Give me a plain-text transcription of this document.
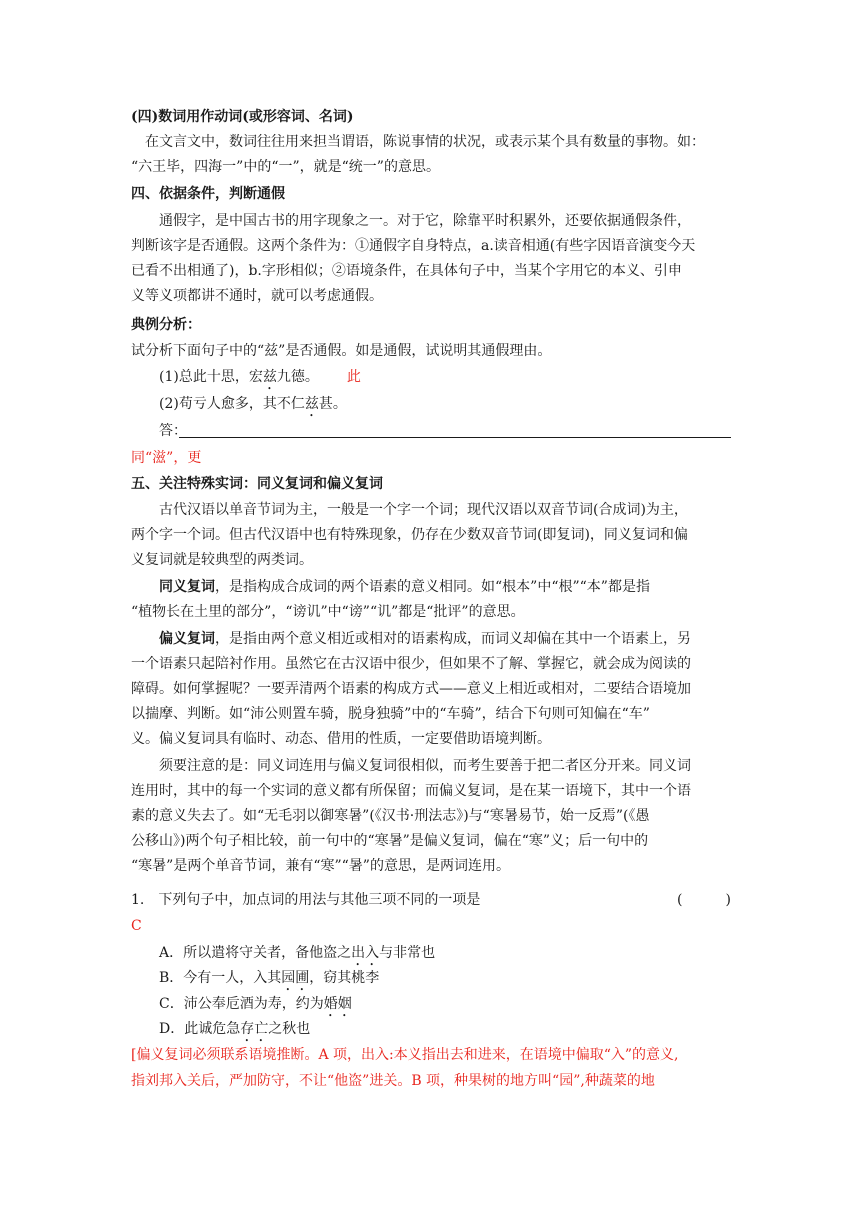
(四)数词用作动词(或形容词、名词)
在文言文中，数词往往用来担当谓语，陈说事情的状况，或表示某个具有数量的事物。如：
“六王毕，四海一”中的“一”，就是“统一”的意思。
四、依据条件，判断通假
通假字，是中国古书的用字现象之一。对于它，除靠平时积累外，还要依据通假条件，
判断该字是否通假。这两个条件为：①通假字自身特点，a.读音相通(有些字因语音演变今天
已看不出相通了)，b.字形相似；②语境条件，在具体句子中，当某个字用它的本义、引申
义等义项都讲不通时，就可以考虑通假。
典例分析：
试分析下面句子中的“兹”是否通假。如是通假，试说明其通假理由。
(1)总此十思，宏兹九德。 此
(2)苟亏人愈多，其不仁兹甚。
答：
同“滋”，更
五、关注特殊实词：同义复词和偏义复词
古代汉语以单音节词为主，一般是一个字一个词；现代汉语以双音节词(合成词)为主，
两个字一个词。但古代汉语中也有特殊现象，仍存在少数双音节词(即复词)，同义复词和偏
义复词就是较典型的两类词。
同义复词，是指构成合成词的两个语素的意义相同。如“根本”中“根”“本”都是指
“植物长在土里的部分”，“谤讥”中“谤”“讥”都是“批评”的意思。
偏义复词，是指由两个意义相近或相对的语素构成，而词义却偏在其中一个语素上，另
一个语素只起陪衬作用。虽然它在古汉语中很少，但如果不了解、掌握它，就会成为阅读的
障碍。如何掌握呢？一要弄清两个语素的构成方式——意义上相近或相对，二要结合语境加
以揣摩、判断。如“沛公则置车骑，脱身独骑”中的“车骑”，结合下句则可知偏在“车”
义。偏义复词具有临时、动态、借用的性质，一定要借助语境判断。
须要注意的是：同义词连用与偏义复词很相似，而考生要善于把二者区分开来。同义词
连用时，其中的每一个实词的意义都有所保留；而偏义复词，是在某一语境下，其中一个语
素的意义失去了。如“无毛羽以御寒暑”(《汉书·刑法志》)与“寒暑易节，始一反焉”(《愚
公移山》)两个句子相比较，前一句中的“寒暑”是偏义复词，偏在“寒”义；后一句中的
“寒暑”是两个单音节词，兼有“寒”“暑”的意思，是两词连用。
1.　下列句子中，加点词的用法与其他三项不同的一项是	(	)
C
A．所以遣将守关者，备他盗之出入与非常也
B．今有一人，入其园圃，窃其桃李
C．沛公奉卮酒为寿，约为婚姻
D．此诚危急存亡之秋也
[偏义复词必须联系语境推断。A 项，出入:本义指出去和进来，在语境中偏取“入”的意义,
指刘邦入关后，严加防守，不让“他盗”进关。B 项，种果树的地方叫“园”,种蔬菜的地
